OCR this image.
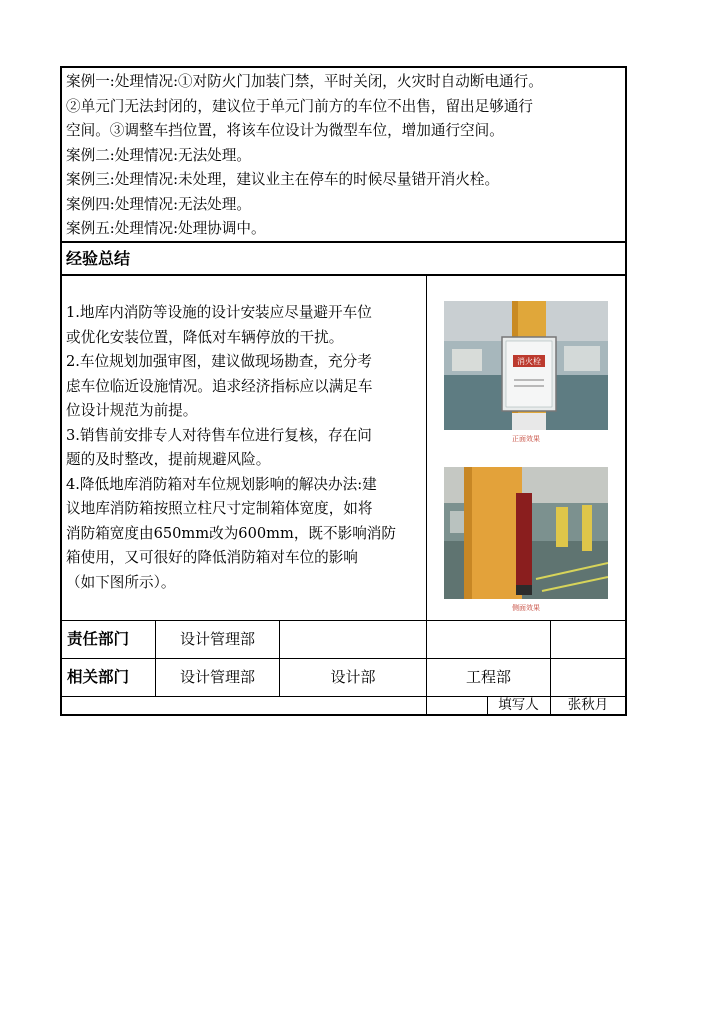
案例一:处理情况:①对防火门加装门禁，平时关闭，火灾时自动断电通行。
②单元门无法封闭的，建议位于单元门前方的车位不出售，留出足够通行
空间。③调整车挡位置，将该车位设计为微型车位，增加通行空间。
案例二:处理情况:无法处理。
案例三:处理情况:未处理，建议业主在停车的时候尽量错开消火栓。
案例四:处理情况:无法处理。
案例五:处理情况:处理协调中。
经验总结
1.地库内消防等设施的设计安装应尽量避开车位
或优化安装位置，降低对车辆停放的干扰。
2.车位规划加强审图，建议做现场勘查，充分考
虑车位临近设施情况。追求经济指标应以满足车
位设计规范为前提。
3.销售前安排专人对待售车位进行复核，存在问
题的及时整改，提前规避风险。
4.降低地库消防箱对车位规划影响的解决办法:建
议地库消防箱按照立柱尺寸定制箱体宽度，如将
消防箱宽度由650mm改为600mm，既不影响消防
箱使用，又可很好的降低消防箱对车位的影响
（如下图所示）。
消火栓
正面效果
侧面效果
责任部门	设计管理部
相关部门	设计管理部	设计部	工程部
填写人	张秋月
